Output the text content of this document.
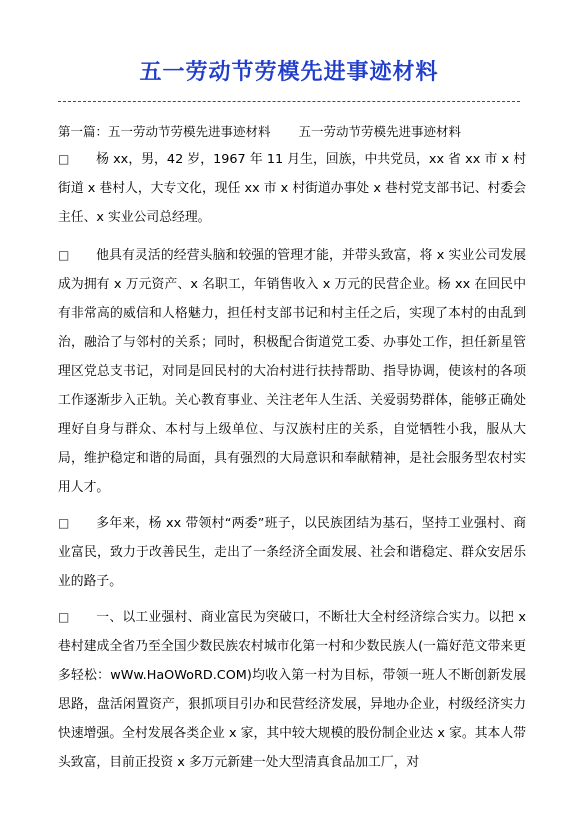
五一劳动节劳模先进事迹材料
第一篇：五一劳动节劳模先进事迹材料 五一劳动节劳模先进事迹材料

□ 杨 xx，男，42 岁，1967 年 11 月生，回族，中共党员，xx 省 xx 市 x 村街道 x 巷村人，大专文化，现任 xx 市 x 村街道办事处 x 巷村党支部书记、村委会主任、x 实业公司总经理。

□ 他具有灵活的经营头脑和较强的管理才能，并带头致富，将 x 实业公司发展成为拥有 x 万元资产、x 名职工，年销售收入 x 万元的民营企业。杨 xx 在回民中有非常高的威信和人格魅力，担任村支部书记和村主任之后，实现了本村的由乱到治，融洽了与邻村的关系；同时，积极配合街道党工委、办事处工作，担任新星管理区党总支书记，对同是回民村的大冶村进行扶持帮助、指导协调，使该村的各项工作逐渐步入正轨。关心教育事业、关注老年人生活、关爱弱势群体，能够正确处理好自身与群众、本村与上级单位、与汉族村庄的关系，自觉牺牲小我，服从大局，维护稳定和谐的局面，具有强烈的大局意识和奉献精神，是社会服务型农村实用人才。

□ 多年来，杨 xx 带领村“两委”班子，以民族团结为基石，坚持工业强村、商业富民，致力于改善民生，走出了一条经济全面发展、社会和谐稳定、群众安居乐业的路子。

□ 一、以工业强村、商业富民为突破口，不断壮大全村经济综合实力。以把 x 巷村建成全省乃至全国少数民族农村城市化第一村和少数民族人(一篇好范文带来更多轻松：wWw.HaOWoRD.COM)均收入第一村为目标，带领一班人不断创新发展思路，盘活闲置资产，狠抓项目引办和民营经济发展，异地办企业，村级经济实力快速增强。全村发展各类企业 x 家，其中较大规模的股份制企业达 x 家。其本人带头致富，目前正投资 x 多万元新建一处大型清真食品加工厂，对
